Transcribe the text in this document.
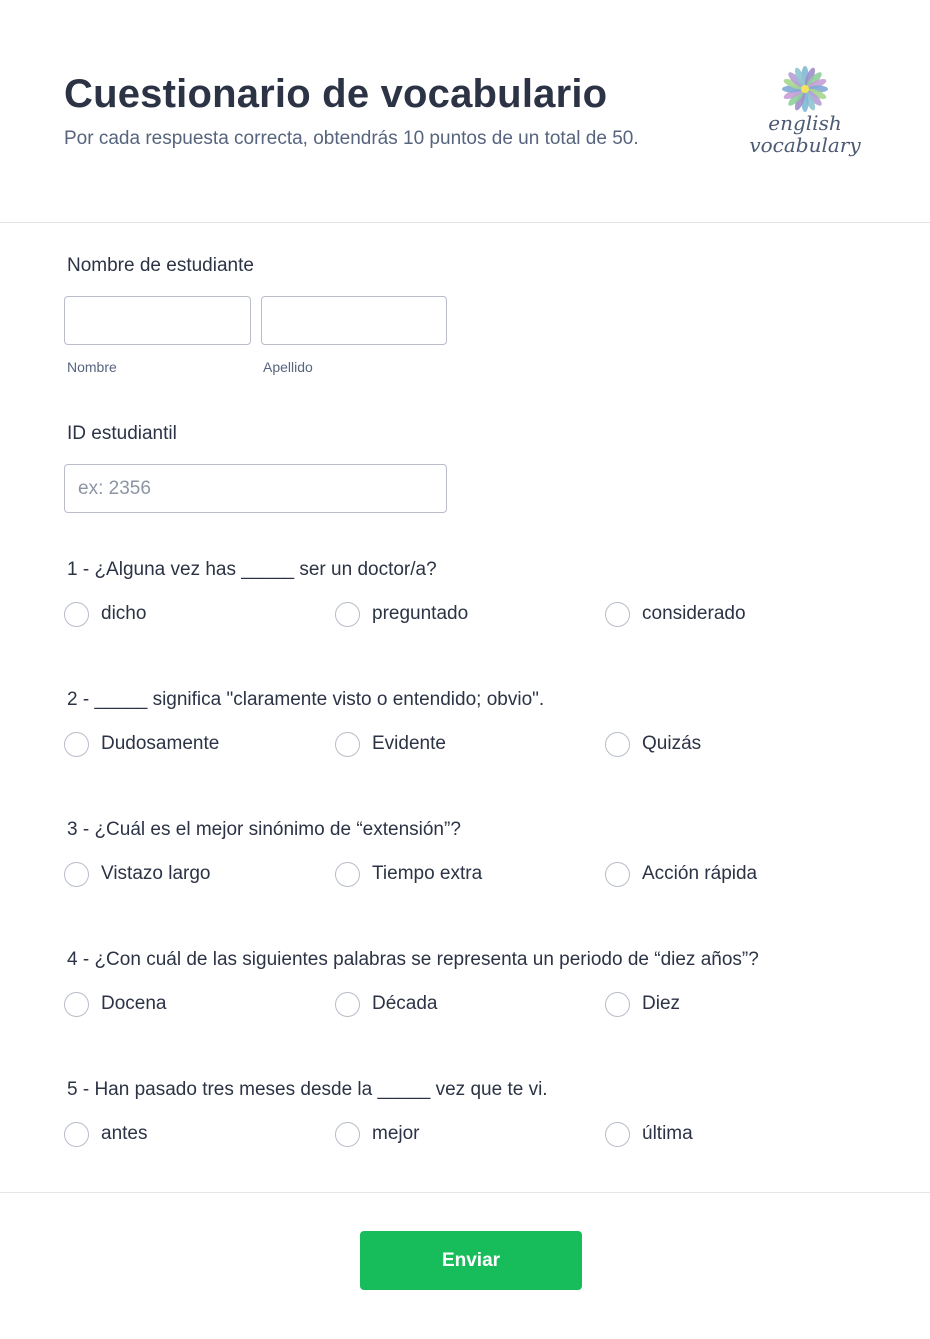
Cuestionario de vocabulario

Por cada respuesta correcta, obtendrás 10 puntos de un total de 50.

english
vocabulary
Nombre de estudiante
Nombre	Apellido
ID estudiantil
ex: 2356
1 - ¿Alguna vez has _____ ser un doctor/a?
dicho	preguntado	considerado
2 - _____ significa "claramente visto o entendido; obvio".
Dudosamente	Evidente	Quizás
3 - ¿Cuál es el mejor sinónimo de “extensión”?
Vistazo largo	Tiempo extra	Acción rápida
4 - ¿Con cuál de las siguientes palabras se representa un periodo de “diez años”?
Docena	Década	Diez
5 - Han pasado tres meses desde la _____ vez que te vi.
antes	mejor	última
Enviar
